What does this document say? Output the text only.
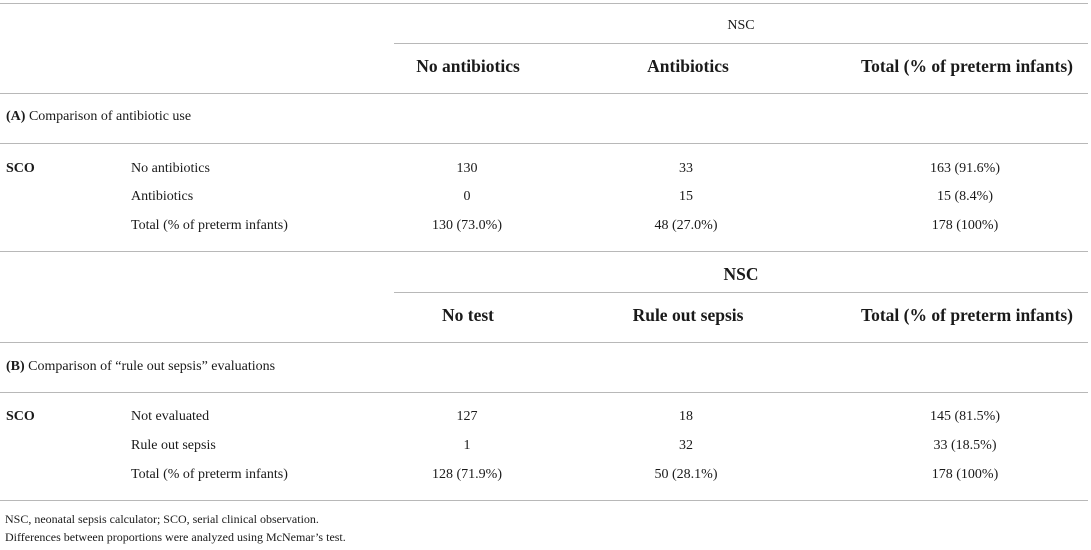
NSC
No antibiotics	Antibiotics	Total (% of preterm infants)
(A) Comparison of antibiotic use
SCO	No antibiotics	130	33	163 (91.6%)
Antibiotics	0	15	15 (8.4%)
Total (% of preterm infants)	130 (73.0%)	48 (27.0%)	178 (100%)
NSC
No test	Rule out sepsis	Total (% of preterm infants)
(B) Comparison of “rule out sepsis” evaluations
SCO	Not evaluated	127	18	145 (81.5%)
Rule out sepsis	1	32	33 (18.5%)
Total (% of preterm infants)	128 (71.9%)	50 (28.1%)	178 (100%)
NSC, neonatal sepsis calculator; SCO, serial clinical observation.
Differences between proportions were analyzed using McNemar’s test.
